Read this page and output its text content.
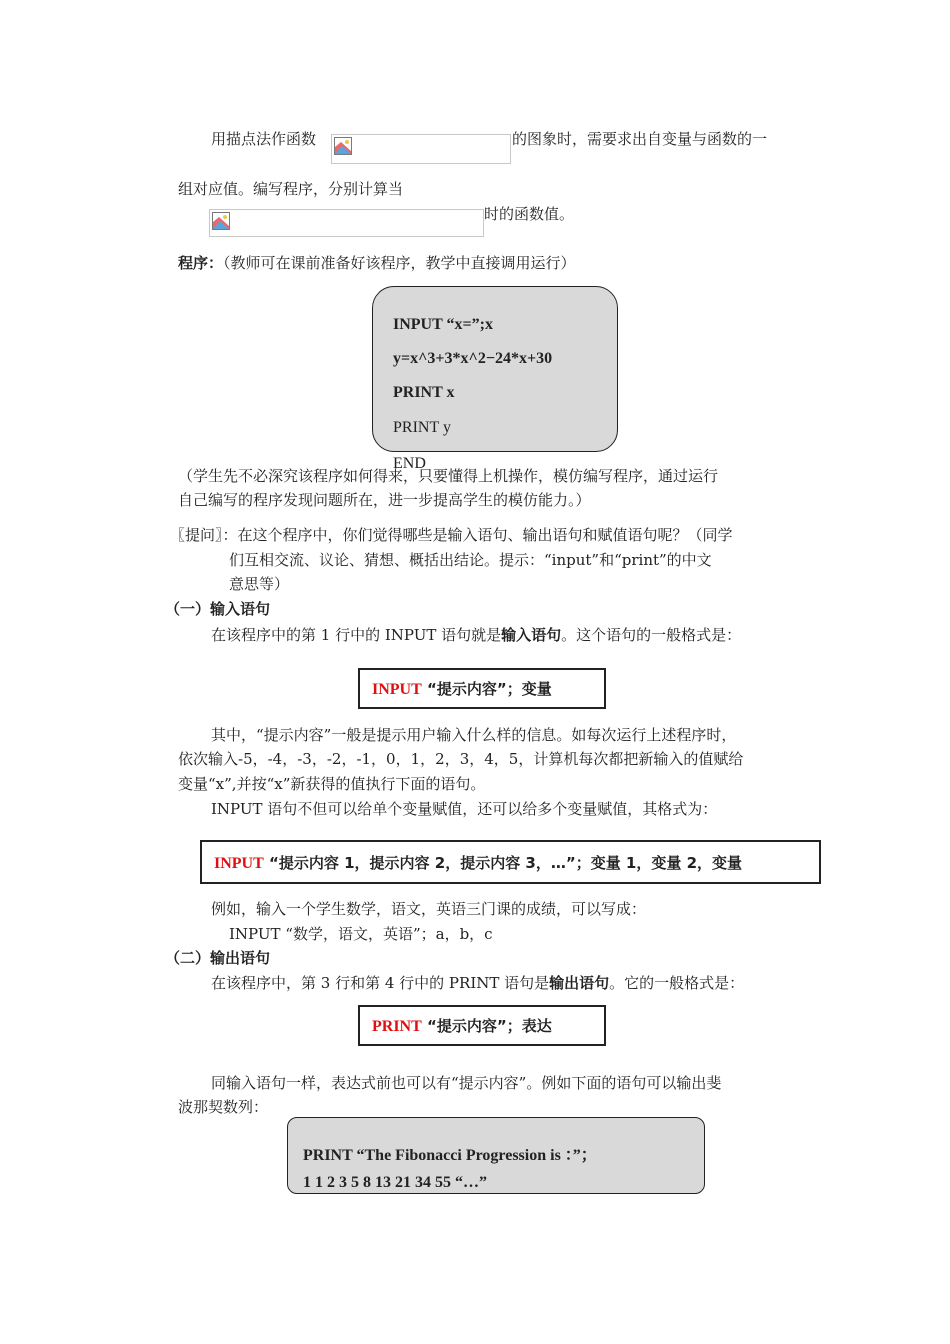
用描点法作函数	的图象时，需要求出自变量与函数的一
组对应值。编写程序，分别计算当
时的函数值。
程序：（教师可在课前准备好该程序，教学中直接调用运行）
INPUT “x=”;x
y=x^3+3*x^2−24*x+30
PRINT x
PRINT y
END
（学生先不必深究该程序如何得来，只要懂得上机操作，模仿编写程序，通过运行
自己编写的程序发现问题所在，进一步提高学生的模仿能力。）
〖提问〗：在这个程序中，你们觉得哪些是输入语句、输出语句和赋值语句呢？（同学
们互相交流、议论、猜想、概括出结论。提示：“input”和“print”的中文
意思等）
（一）输入语句
在该程序中的第 1 行中的 INPUT 语句就是输入语句。这个语句的一般格式是：
INPUT “提示内容”；变量
其中，“提示内容”一般是提示用户输入什么样的信息。如每次运行上述程序时，
依次输入-5，-4，-3，-2，-1，0，1，2，3，4，5，计算机每次都把新输入的值赋给
变量“x”,并按“x”新获得的值执行下面的语句。
INPUT 语句不但可以给单个变量赋值，还可以给多个变量赋值，其格式为：
INPUT “提示内容 1，提示内容 2，提示内容 3，…”；变量 1，变量 2，变量
例如，输入一个学生数学，语文，英语三门课的成绩，可以写成：
INPUT “数学，语文，英语”；a，b，c
（二）输出语句
在该程序中，第 3 行和第 4 行中的 PRINT 语句是输出语句。它的一般格式是：
PRINT “提示内容”；表达
同输入语句一样，表达式前也可以有“提示内容”。例如下面的语句可以输出斐
波那契数列：
PRINT “The Fibonacci Progression is ：”；
1 1 2 3 5 8 13 21 34 55 “…”
